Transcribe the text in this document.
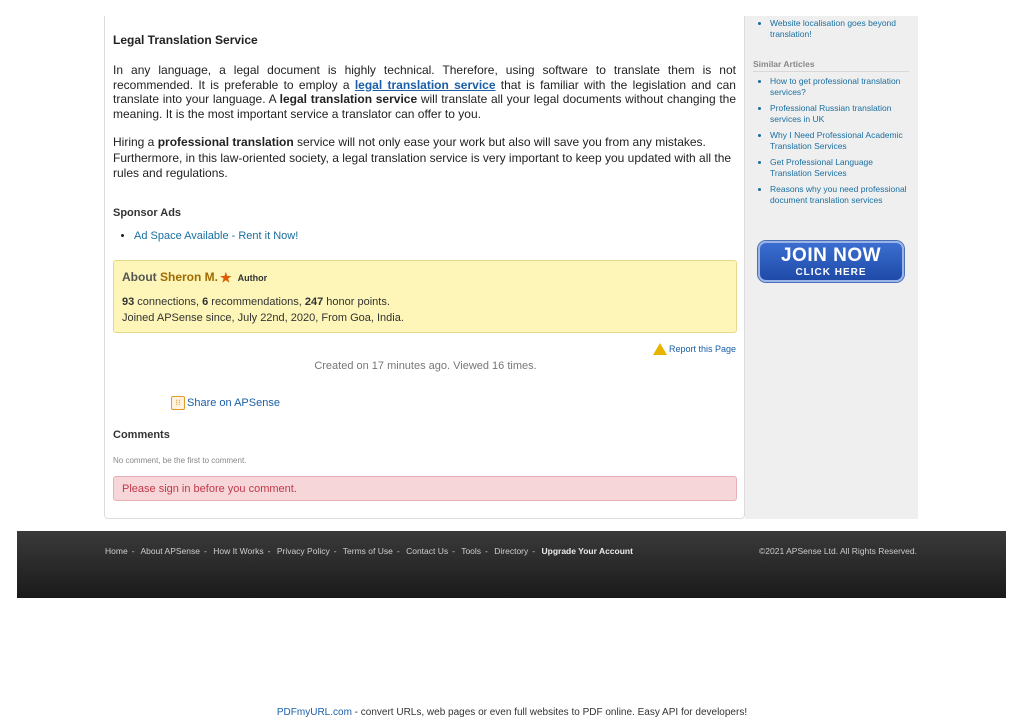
Legal Translation Service

In any language, a legal document is highly technical. Therefore, using software to translate them is not recommended. It is preferable to employ a legal translation service that is familiar with the legislation and can translate into your language. A legal translation service will translate all your legal documents without changing the meaning. It is the most important service a translator can offer to you.

Hiring a professional translation service will not only ease your work but also will save you from any mistakes. Furthermore, in this law-oriented society, a legal translation service is very important to keep you updated with all the rules and regulations.

Sponsor Ads
• Ad Space Available - Rent it Now!
About Sheron M. ★ Author
93 connections, 6 recommendations, 247 honor points.
Joined APSense since, July 22nd, 2020, From Goa, India.
Report this Page
Created on 17 minutes ago. Viewed 16 times.
⁝⁝ Share on APSense
Comments
No comment, be the first to comment.
Please sign in before you comment.
• Website localisation goes beyond translation!
Similar Articles
• How to get professional translation services?
• Professional Russian translation services in UK
• Why I Need Professional Academic Translation Services
• Get Professional Language Translation Services
• Reasons why you need professional document translation services
JOIN NOW
CLICK HERE
Home - About APSense - How It Works - Privacy Policy - Terms of Use - Contact Us - Tools - Directory - Upgrade Your Account	©2021 APSense Ltd. All Rights Reserved.
PDFmyURL.com - convert URLs, web pages or even full websites to PDF online. Easy API for developers!
